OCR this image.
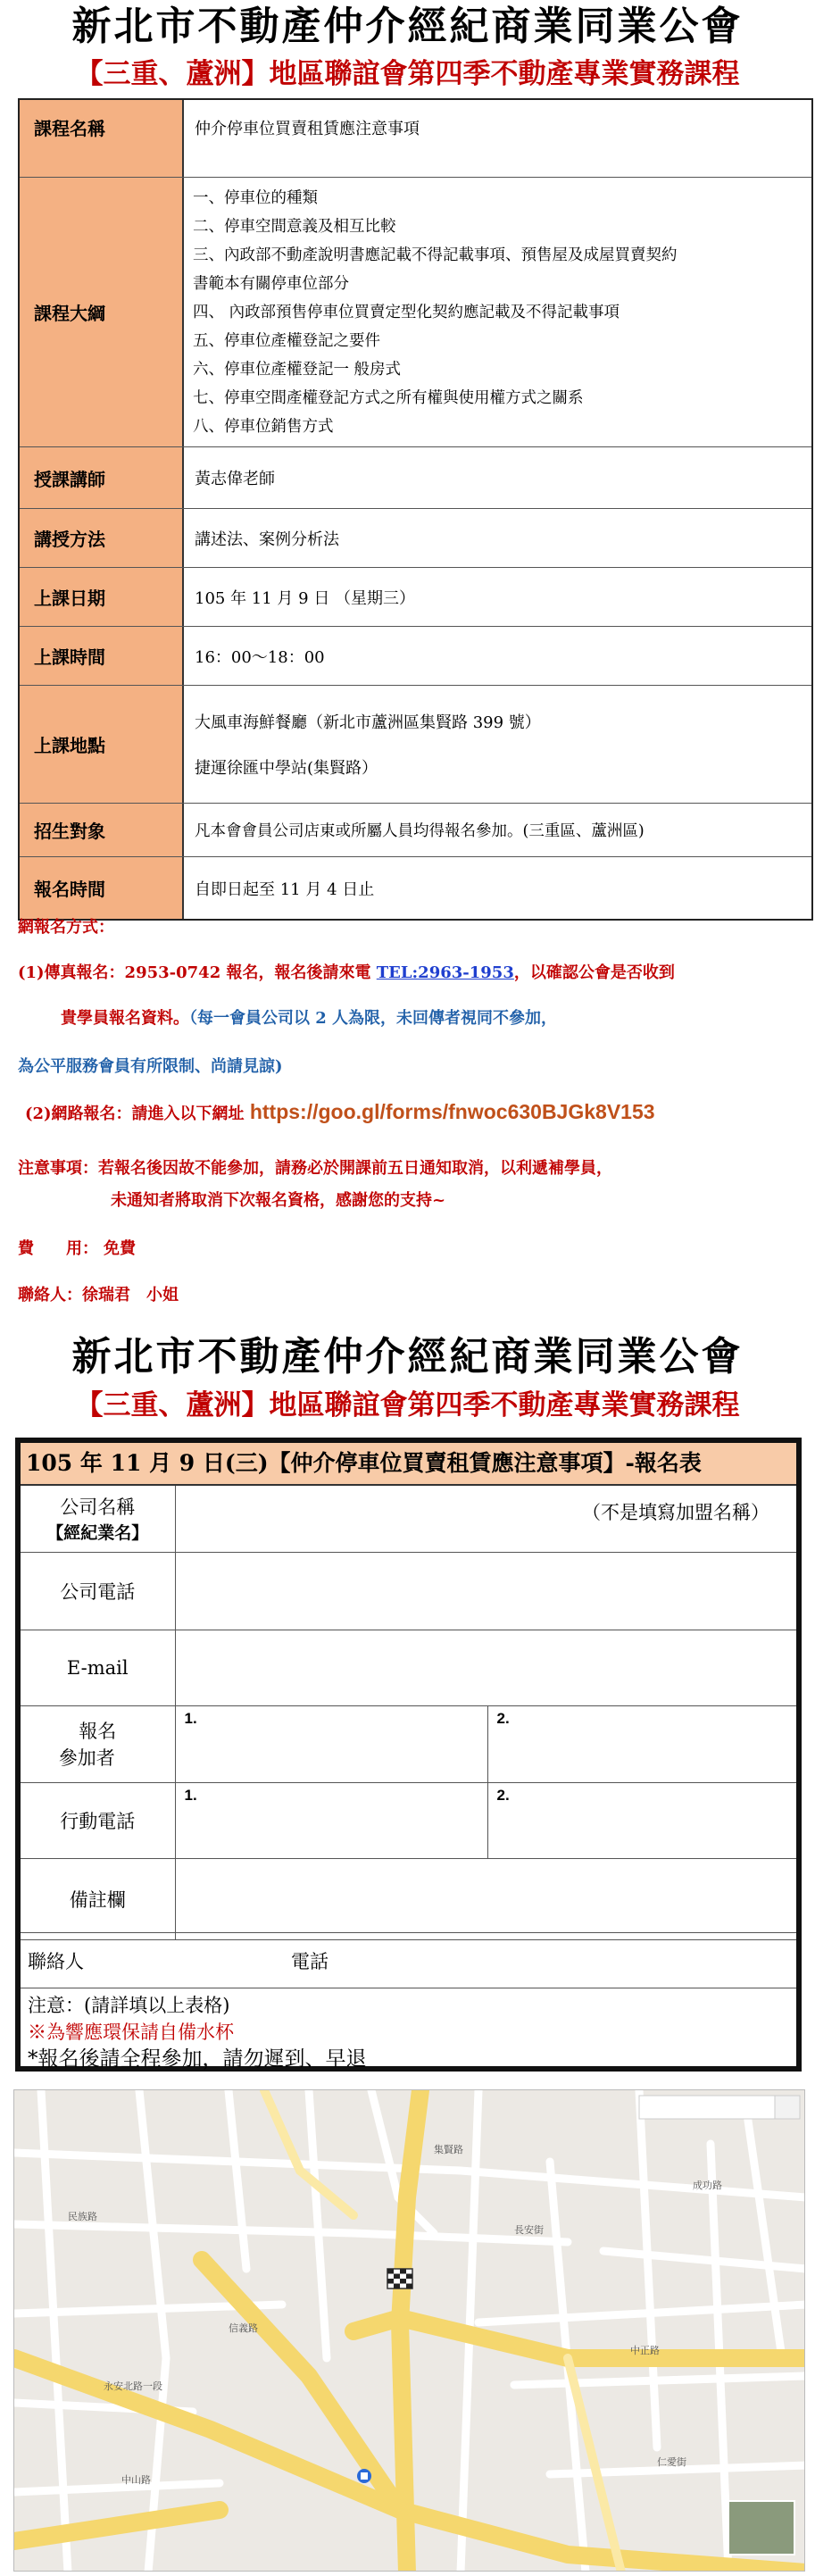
新北市不動產仲介經紀商業同業公會
【三重、蘆洲】地區聯誼會第四季不動產專業實務課程
課程名稱	仲介停車位買賣租賃應注意事項
課程大綱
一、停車位的種類
二、停車空間意義及相互比較
三、內政部不動產說明書應記載不得記載事項、預售屋及成屋買賣契約
書範本有關停車位部分
四、 內政部預售停車位買賣定型化契約應記載及不得記載事項
五、停車位產權登記之要件
六、停車位產權登記一 般房式
七、停車空間產權登記方式之所有權與使用權方式之關系
八、停車位銷售方式
授課講師	黃志偉老師
講授方法	講述法、案例分析法
上課日期	105 年 11 月 9 日 （星期三）
上課時間	16：00～18：00
上課地點
大風車海鮮餐廳（新北市蘆洲區集賢路 399 號）
捷運徐匯中學站(集賢路）
招生對象	凡本會會員公司店東或所屬人員均得報名參加。(三重區、蘆洲區)
報名時間	自即日起至 11 月 4 日止
網報名方式：
(1)傳真報名：2953-0742 報名，報名後請來電 TEL:2963-1953，以確認公會是否收到
貴學員報名資料。（每一會員公司以 2 人為限，未回傳者視同不參加，
為公平服務會員有所限制、尚請見諒)
(2)網路報名：請進入以下網址 https://goo.gl/forms/fnwoc630BJGk8V153
注意事項：若報名後因故不能參加，請務必於開課前五日通知取消，以利遞補學員，
未通知者將取消下次報名資格，感謝您的支持~
費　　用： 免費
聯絡人：徐瑞君　小姐
新北市不動產仲介經紀商業同業公會
【三重、蘆洲】地區聯誼會第四季不動產專業實務課程
105 年 11 月 9 日(三)【仲介停車位買賣租賃應注意事項】-報名表
公司名稱
【經紀業名】	（不是填寫加盟名稱）	
公司電話		
E-mail		

報名
參加者	1.	2.

行動電話	1.	2.

備註欄		
聯絡人	電話
注意：(請詳填以上表格)
※為響應環保請自備水杯
*報名後請全程參加，請勿遲到、早退
集賢路
中正路
永安北路一段
仁愛街
民族路
長安街
信義路
成功路
中山路
